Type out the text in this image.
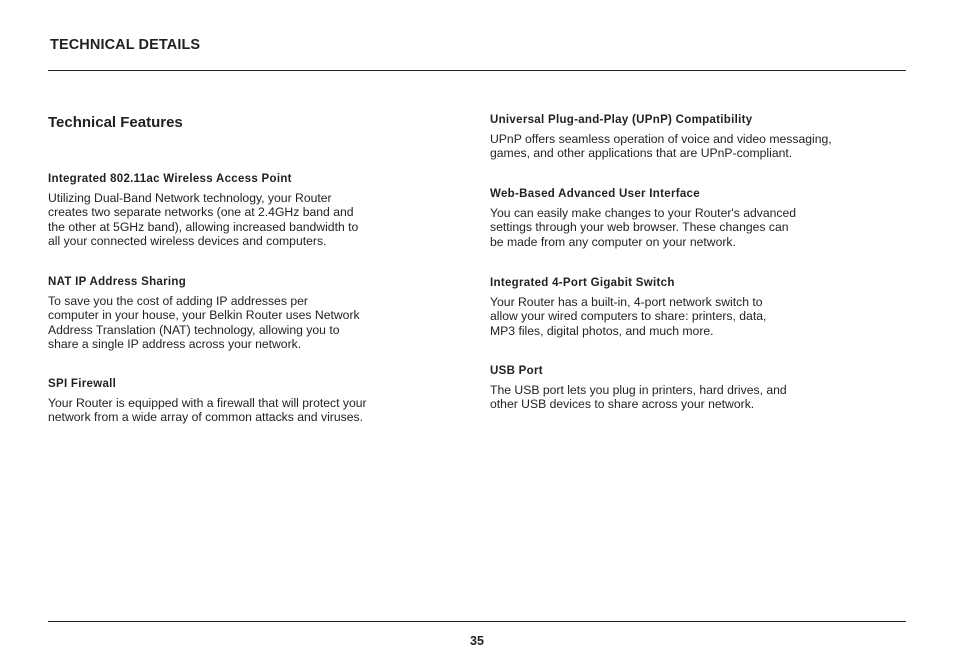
TECHNICAL DETAILS
Technical Features

Integrated 802.11ac Wireless Access Point

Utilizing Dual-Band Network technology, your Router
creates two separate networks (one at 2.4GHz band and
the other at 5GHz band), allowing increased bandwidth to
all your connected wireless devices and computers.

NAT IP Address Sharing

To save you the cost of adding IP addresses per
computer in your house, your Belkin Router uses Network
Address Translation (NAT) technology, allowing you to
share a single IP address across your network.

SPI Firewall

Your Router is equipped with a firewall that will protect your
network from a wide array of common attacks and viruses.

Universal Plug-and-Play (UPnP) Compatibility

UPnP offers seamless operation of voice and video messaging,
games, and other applications that are UPnP-compliant.

Web-Based Advanced User Interface

You can easily make changes to your Router's advanced
settings through your web browser. These changes can
be made from any computer on your network.

Integrated 4-Port Gigabit Switch

Your Router has a built-in, 4-port network switch to
allow your wired computers to share: printers, data,
MP3 files, digital photos, and much more.

USB Port

The USB port lets you plug in printers, hard drives, and
other USB devices to share across your network.

35
